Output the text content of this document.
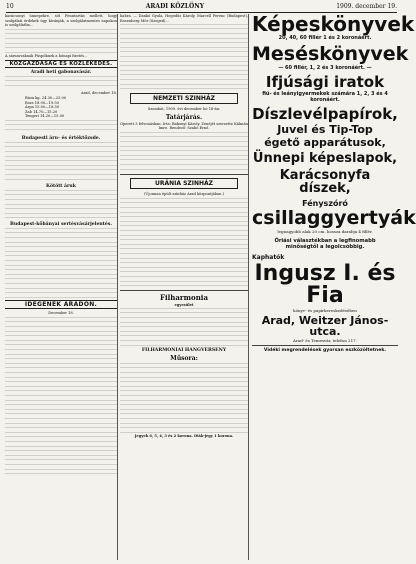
10	ARADI KÖZLÖNY	1909. december 19.

karácsonyi ünnepekre, sőt Fenntartás mellett, hogy szolgálati érdekek úgy kívánják, a szolgálatmentes napokon is szolgálatba...

A sárszavaknak Püspöknek a hónapi fizetés...

KÖZGAZDASÁG ÉS KÖZLEKEDÉS.
Aradi heti gabonavásár.
Arad, december 18.
Búza kg. 24.30—25.00
Rozs 18.90—19.50
Árpa 15.00—16.50
Zab 14.70—15.20
Tengeri 14.20—15.00
Budapesti áru- és értéktőzsde.
Kötött áruk
Budapest-kőbányai sertésvásárjelentés.
IDEGENEK ARADON.
December 18.

babra. — Dankó Gyula, Hegedűs Károly, Marcell Ferenc (Budapest), Rosenberg Mór (Szeged)...

NEMZETI SZINHÁZ
Szombat, 1909. évi december hó 18-án:
Tatárjárás.

Operett 3 felvonásban. Irta: Bakonyi Károly. Zenéjét szerzette Kálmán Imre. Rendező: Szabó Ernő.

URÁNIA SZINHÁZ

(Újonnan épült színház Arad központjában.)

Filharmonia
egyesület
FILHARMONIAI HANGVERSENY
Műsora:

Jegyek 6, 5, 4, 3 és 2 korona. Diák-jegy 1 korona.

Képeskönyvek

20, 40, 60 fillér 1 és 2 koronáért.

Meséskönyvek

— 60 fillér, 1, 2 és 3 koronáért. —

Ifjúsági iratok

fiú- és leányigyermekek számára 1, 2, 3 és 4 koronáért.

Díszlevélpapírok,

Juvel és Tip-Top

égető apparátusok,

Ünnepi képeslapok,

Karácsonyfa díszek,

Fényszóró

csillaggyertyák

legnagyobb alak 20 cm. hossza darabja 4 fillér.

Óriási választékban a legfinomabb minőségtől a legolcsóbbig.

Kaphatók

Ingusz I. és Fia

könyv- és papírkereskedésében

Arad, Weitzer János-utca.

Arad- és Temesvár, telefon 217.

Vidéki megrendelések gyorsan eszközöltetnek.
